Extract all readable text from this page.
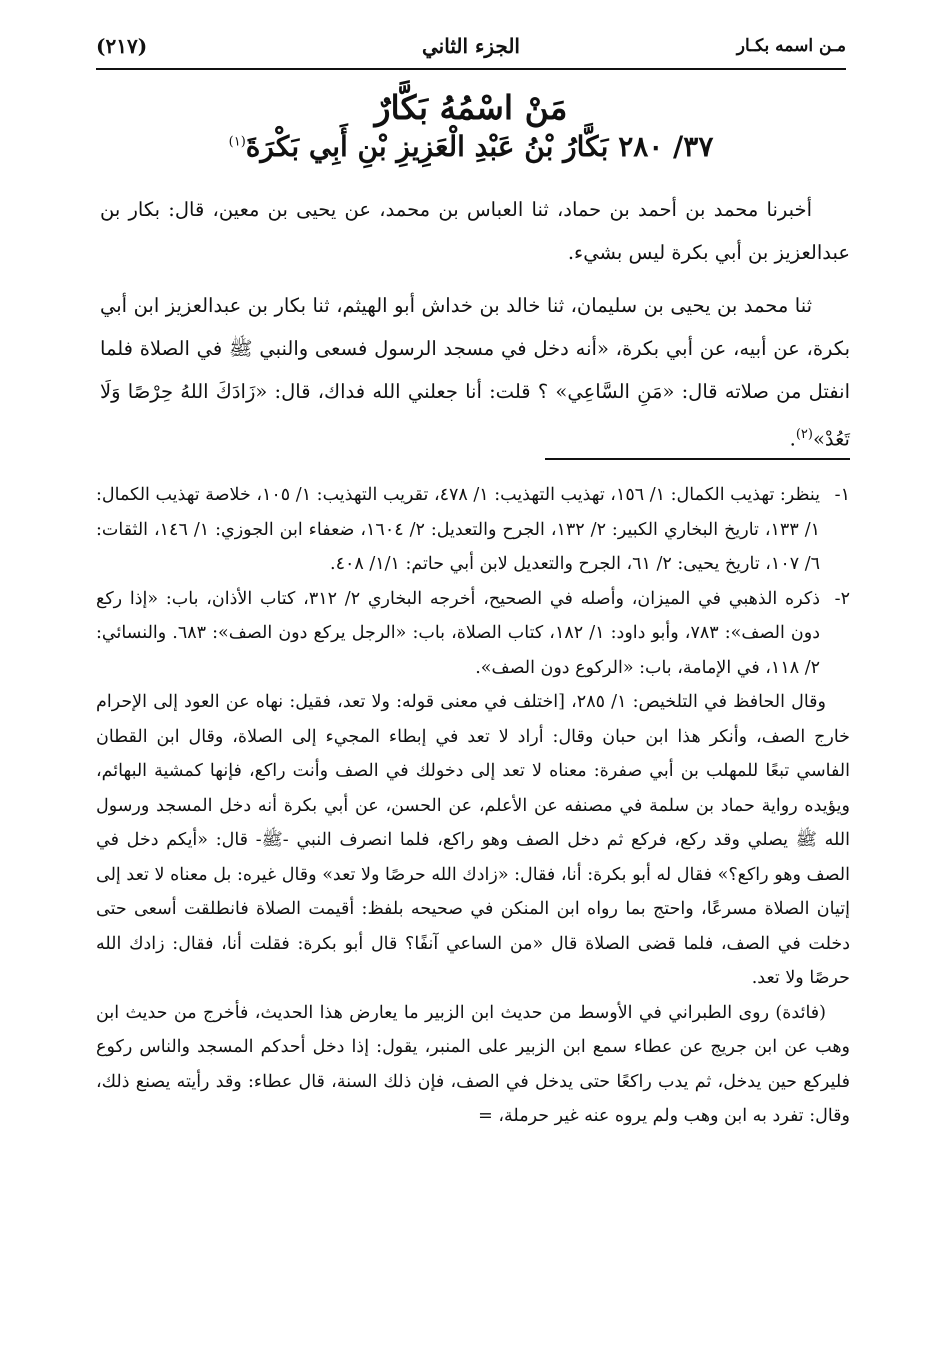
مـن اسمه بكـار
الجزء الثاني
(٢١٧)
مَنْ اسْمُهُ بَكَّارٌ
٣٧/ ٢٨٠ بَكَّارُ بْنُ عَبْدِ الْعَزِيزِ بْنِ أَبِي بَكْرَةَ$^{(١)}$

أخبرنا محمد بن أحمد بن حماد، ثنا العباس بن محمد، عن يحيى بن معين، قال: بكار بن عبدالعزيز بن أبي بكرة ليس بشيء.

ثنا محمد بن يحيى بن سليمان، ثنا خالد بن خداش أبو الهيثم، ثنا بكار بن عبدالعزيز ابن أبي بكرة، عن أبيه، عن أبي بكرة، «أنه دخل في مسجد الرسول فسعى والنبي ﷺ في الصلاة فلما انفتل من صلاته قال: «مَنِ السَّاعِي» ؟ قلت: أنا جعلني الله فداك، قال: «زَادَكَ اللهُ حِرْصًا وَلَا تَعُدْ»$^{(٢)}$.

١-
ينظر: تهذيب الكمال: ١/ ١٥٦، تهذيب التهذيب: ١/ ٤٧٨، تقريب التهذيب: ١/ ١٠٥، خلاصة تهذيب الكمال: ١/ ١٣٣، تاريخ البخاري الكبير: ٢/ ١٣٢، الجرح والتعديل: ٢/ ١٦٠٤، ضعفاء ابن الجوزي: ١/ ١٤٦، الثقات: ٦/ ١٠٧، تاريخ يحيى: ٢/ ٦١، الجرح والتعديل لابن أبي حاتم: ١/١/ ٤٠٨.

٢-
ذكره الذهبي في الميزان، وأصله في الصحيح، أخرجه البخاري ٢/ ٣١٢، كتاب الأذان، باب: «إذا ركع دون الصف»: ٧٨٣، وأبو داود: ١/ ١٨٢، كتاب الصلاة، باب: «الرجل يركع دون الصف»: ٦٨٣. والنسائي: ٢/ ١١٨، في الإمامة، باب: «الركوع دون الصف».

وقال الحافظ في التلخيص: ١/ ٢٨٥، [اختلف في معنى قوله: ولا تعد، فقيل: نهاه عن العود إلى الإحرام خارج الصف، وأنكر هذا ابن حبان وقال: أراد لا تعد في إبطاء المجيء إلى الصلاة، وقال ابن القطان الفاسي تبعًا للمهلب بن أبي صفرة: معناه لا تعد إلى دخولك في الصف وأنت راكع، فإنها كمشية البهائم، ويؤيده رواية حماد بن سلمة في مصنفه عن الأعلم، عن الحسن، عن أبي بكرة أنه دخل المسجد ورسول الله ﷺ يصلي وقد ركع، فركع ثم دخل الصف وهو راكع، فلما انصرف النبي -ﷺ- قال: «أيكم دخل في الصف وهو راكع؟» فقال له أبو بكرة: أنا، فقال: «زادك الله حرصًا ولا تعد» وقال غيره: بل معناه لا تعد إلى إتيان الصلاة مسرعًا، واحتج بما رواه ابن المنكن في صحيحه بلفظ: أقيمت الصلاة فانطلقت أسعى حتى دخلت في الصف، فلما قضى الصلاة قال «من الساعي آنفًا؟ قال أبو بكرة: فقلت أنا، فقال: زادك الله حرصًا ولا تعد.

(فائدة) روى الطبراني في الأوسط من حديث ابن الزبير ما يعارض هذا الحديث، فأخرج من حديث ابن وهب عن ابن جريج عن عطاء سمع ابن الزبير على المنبر، يقول: إذا دخل أحدكم المسجد والناس ركوع فليركع حين يدخل، ثم يدب راكعًا حتى يدخل في الصف، فإن ذلك السنة، قال عطاء: وقد رأيته يصنع ذلك، وقال: تفرد به ابن وهب ولم يروه عنه غير حرملة، =
